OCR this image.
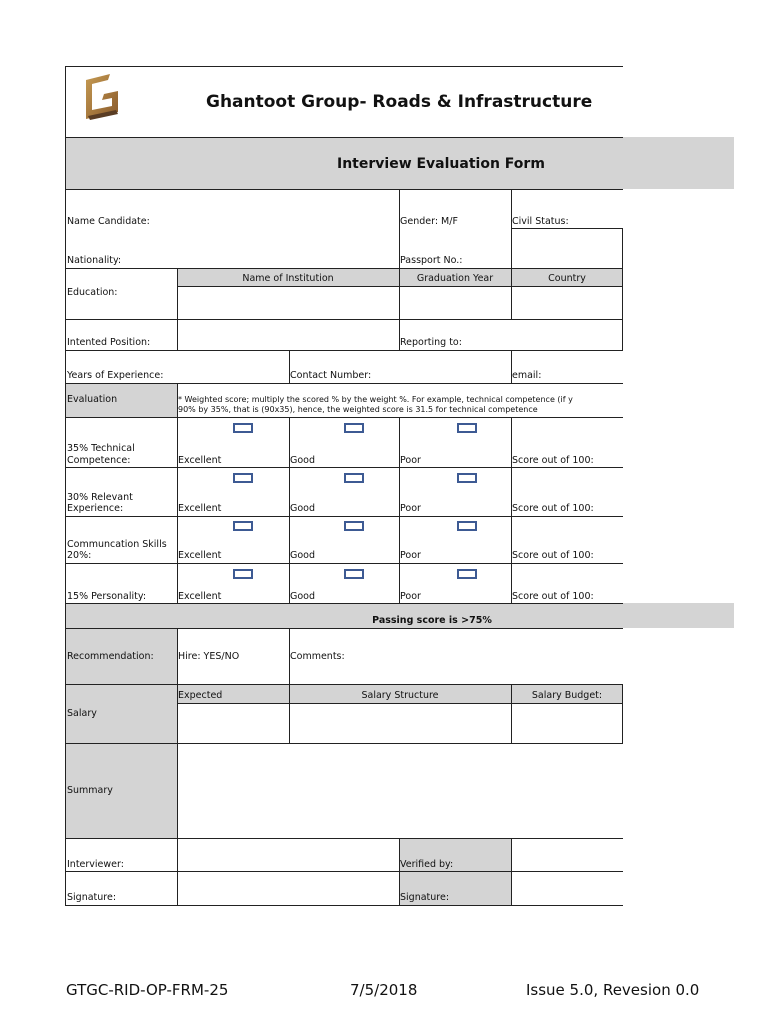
Ghantoot Group- Roads & Infrastructure
Interview Evaluation Form
Name Candidate:	Gender: M/F	Civil Status:
Nationality:	Passport No.:
Education:
Name of Institution	Graduation Year	Country
Intented Position:	Reporting to:
Years of Experience:	Contact Number:	email:
Evaluation	* Weighted score; multiply the scored % by the weight %. For example, technical competence (if y
90% by 35%, that is (90x35), hence, the weighted score is 31.5 for technical competence
35% Technical
Competence:	Excellent	Good	Poor	Score out of 100:
30% Relevant
Experience:	Excellent	Good	Poor	Score out of 100:
Communcation Skills
20%:	Excellent	Good	Poor	Score out of 100:
15% Personality:	Excellent	Good	Poor	Score out of 100:
Passing score is >75%
Recommendation:	Hire: YES/NO	Comments:
Expected	Salary Structure	Salary Budget:
Salary
Summary
Interviewer:	Verified by:
Signature:	Signature:
GTGC-RID-OP-FRM-25	7/5/2018	Issue 5.0, Revesion 0.0
